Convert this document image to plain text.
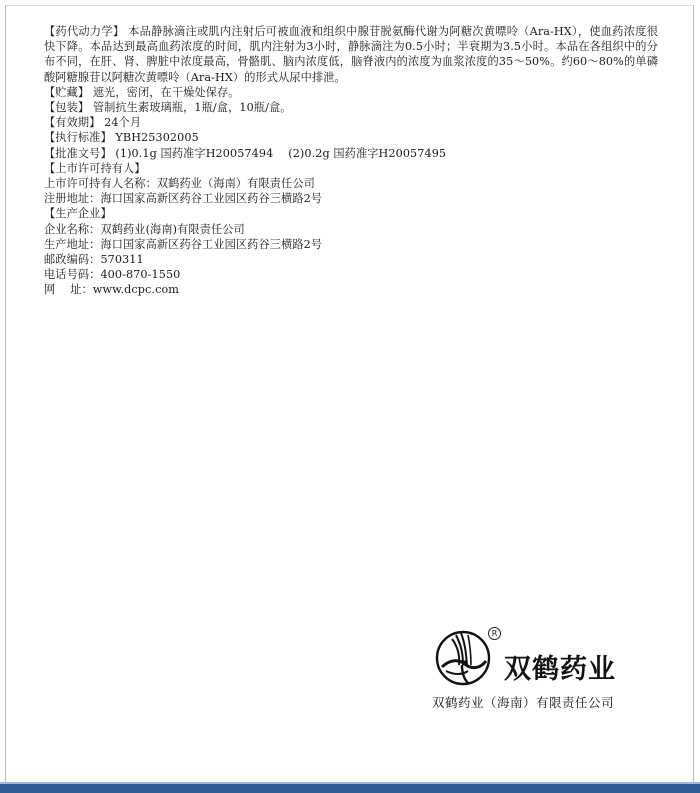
【药代动力学】 本品静脉滴注或肌内注射后可被血液和组织中腺苷脱氨酶代谢为阿糖次黄嘌呤（Ara-HX），使血药浓度很快下降。本品达到最高血药浓度的时间，肌内注射为3小时，静脉滴注为0.5小时；半衰期为3.5小时。本品在各组织中的分布不同，在肝、肾、脾脏中浓度最高，骨骼肌、脑内浓度低，脑脊液内的浓度为血浆浓度的35～50%。约60～80%的单磷酸阿糖腺苷以阿糖次黄嘌呤（Ara-HX）的形式从尿中排泄。

【贮藏】 遮光，密闭，在干燥处保存。

【包装】 管制抗生素玻璃瓶，1瓶/盒，10瓶/盒。

【有效期】 24个月

【执行标准】 YBH25302005

【批准文号】 (1)0.1g 国药准字H20057494　 (2)0.2g 国药准字H20057495

【上市许可持有人】

上市许可持有人名称：双鹤药业（海南）有限责任公司

注册地址：海口国家高新区药谷工业园区药谷三横路2号

【生产企业】

企业名称：双鹤药业(海南)有限责任公司

生产地址：海口国家高新区药谷工业园区药谷三横路2号

邮政编码：570311

电话号码：400-870-1550

网　 址：www.dcpc.com

R
双鹤药业
双鹤药业（海南）有限责任公司
